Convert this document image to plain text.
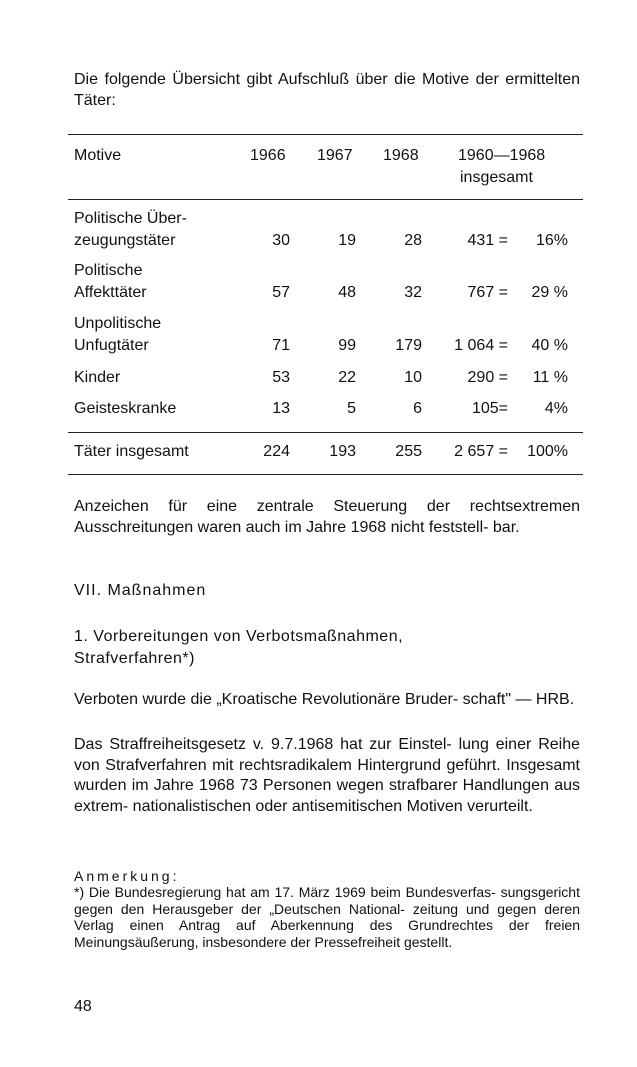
Die folgende Übersicht gibt Aufschluß über die Motive der ermittelten Täter:
Motive	1966	1967	1968	1960—1968
insgesamt
Politische Über-
zeugungstäter	30	19	28	431 =	16%
Politische
Affekttäter	57	48	32	767 =	29 %
Unpolitische
Unfugtäter	71	99	179	1 064 =	40 %
Kinder	53	22	10	290 =	11 %
Geisteskranke	13	5	6	105=	4%
Täter insgesamt	224	193	255	2 657 =	100%
Anzeichen für eine zentrale Steuerung der rechtsextremen Ausschreitungen waren auch im Jahre 1968 nicht feststell- bar.
VII. Maßnahmen
1. Vorbereitungen von Verbotsmaßnahmen,
Strafverfahren*)
Verboten wurde die „Kroatische Revolutionäre Bruder- schaft" — HRB.
Das Straffreiheitsgesetz v. 9.7.1968 hat zur Einstel- lung einer Reihe von Strafverfahren mit rechtsradikalem Hintergrund geführt. Insgesamt wurden im Jahre 1968 73 Personen wegen strafbarer Handlungen aus extrem- nationalistischen oder antisemitischen Motiven verurteilt.
Anmerkung:
*) Die Bundesregierung hat am 17. März 1969 beim Bundesverfas- sungsgericht gegen den Herausgeber der „Deutschen National- zeitung und gegen deren Verlag einen Antrag auf Aberkennung des Grundrechtes der freien Meinungsäußerung, insbesondere der Pressefreiheit gestellt.
48
